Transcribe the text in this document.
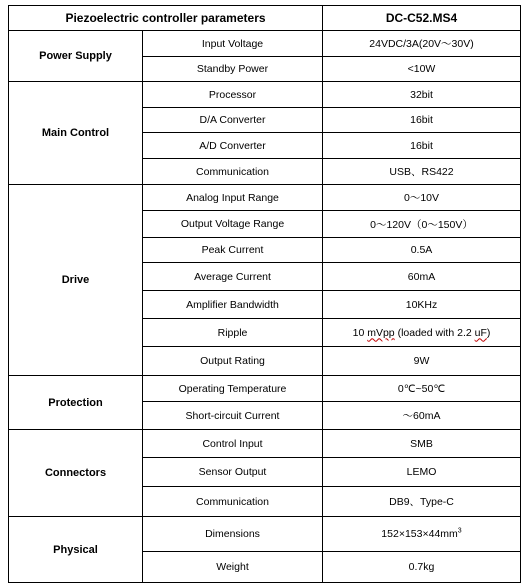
Piezoelectric controller parameters		DC-C52.MS4
Power Supply	Input Voltage	24VDC/3A(20V～30V)
	Standby Power	<10W
Main Control	Processor	32bit
	D/A Converter	16bit
	A/D Converter	16bit
	Communication	USB、RS422
Drive	Analog Input Range	0～10V
	Output Voltage Range	0～120V（0～150V）
	Peak Current	0.5A
	Average Current	60mA
	Amplifier Bandwidth	10KHz
	Ripple	10 mVpp (loaded with 2.2 uF)
	Output Rating	9W
Protection	Operating Temperature	0℃~50℃
	Short-circuit Current	～60mA
Connectors	Control Input	SMB
	Sensor Output	LEMO
	Communication	DB9、Type-C
Physical	Dimensions	$152\times 153\times 44mm^3$
	Weight	0.7kg
